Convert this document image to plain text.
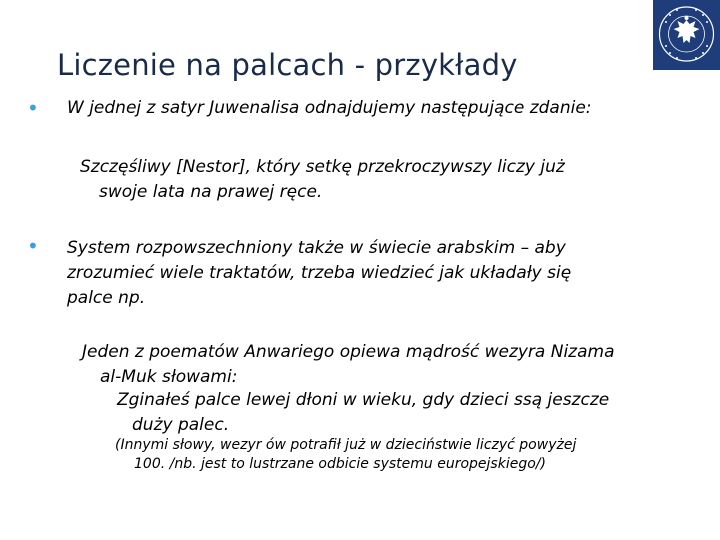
Liczenie na palcach - przykłady
• W jednej z satyr Juwenalisa odnajdujemy następujące zdanie:
Szczęśliwy [Nestor], który setkę przekroczywszy liczy już
swoje lata na prawej ręce.
• System rozpowszechniony także w świecie arabskim – aby
zrozumieć wiele traktatów, trzeba wiedzieć jak układały się
palce np.
Jeden z poematów Anwariego opiewa mądrość wezyra Nizama
al-Muk słowami:
Zginałeś palce lewej dłoni w wieku, gdy dzieci ssą jeszcze
duży palec.
(Innymi słowy, wezyr ów potrafił już w dzieciństwie liczyć powyżej
100. /nb. jest to lustrzane odbicie systemu europejskiego/)
